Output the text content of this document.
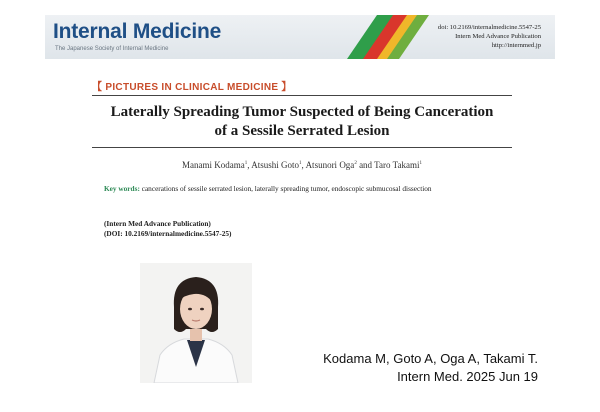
Internal Medicine
The Japanese Society of Internal Medicine
doi: 10.2169/internalmedicine.5547-25
Intern Med Advance Publication
http://internmed.jp
【 PICTURES IN CLINICAL MEDICINE 】
Laterally Spreading Tumor Suspected of Being Canceration
of a Sessile Serrated Lesion
Manami Kodama$^1$, Atsushi Goto$^1$, Atsunori Oga$^2$ and Taro Takami$^1$
Key words: cancerations of sessile serrated lesion, laterally spreading tumor, endoscopic submucosal dissection
(Intern Med Advance Publication)
(DOI: 10.2169/internalmedicine.5547-25)
Kodama M, Goto A, Oga A, Takami T.
Intern Med. 2025 Jun 19
